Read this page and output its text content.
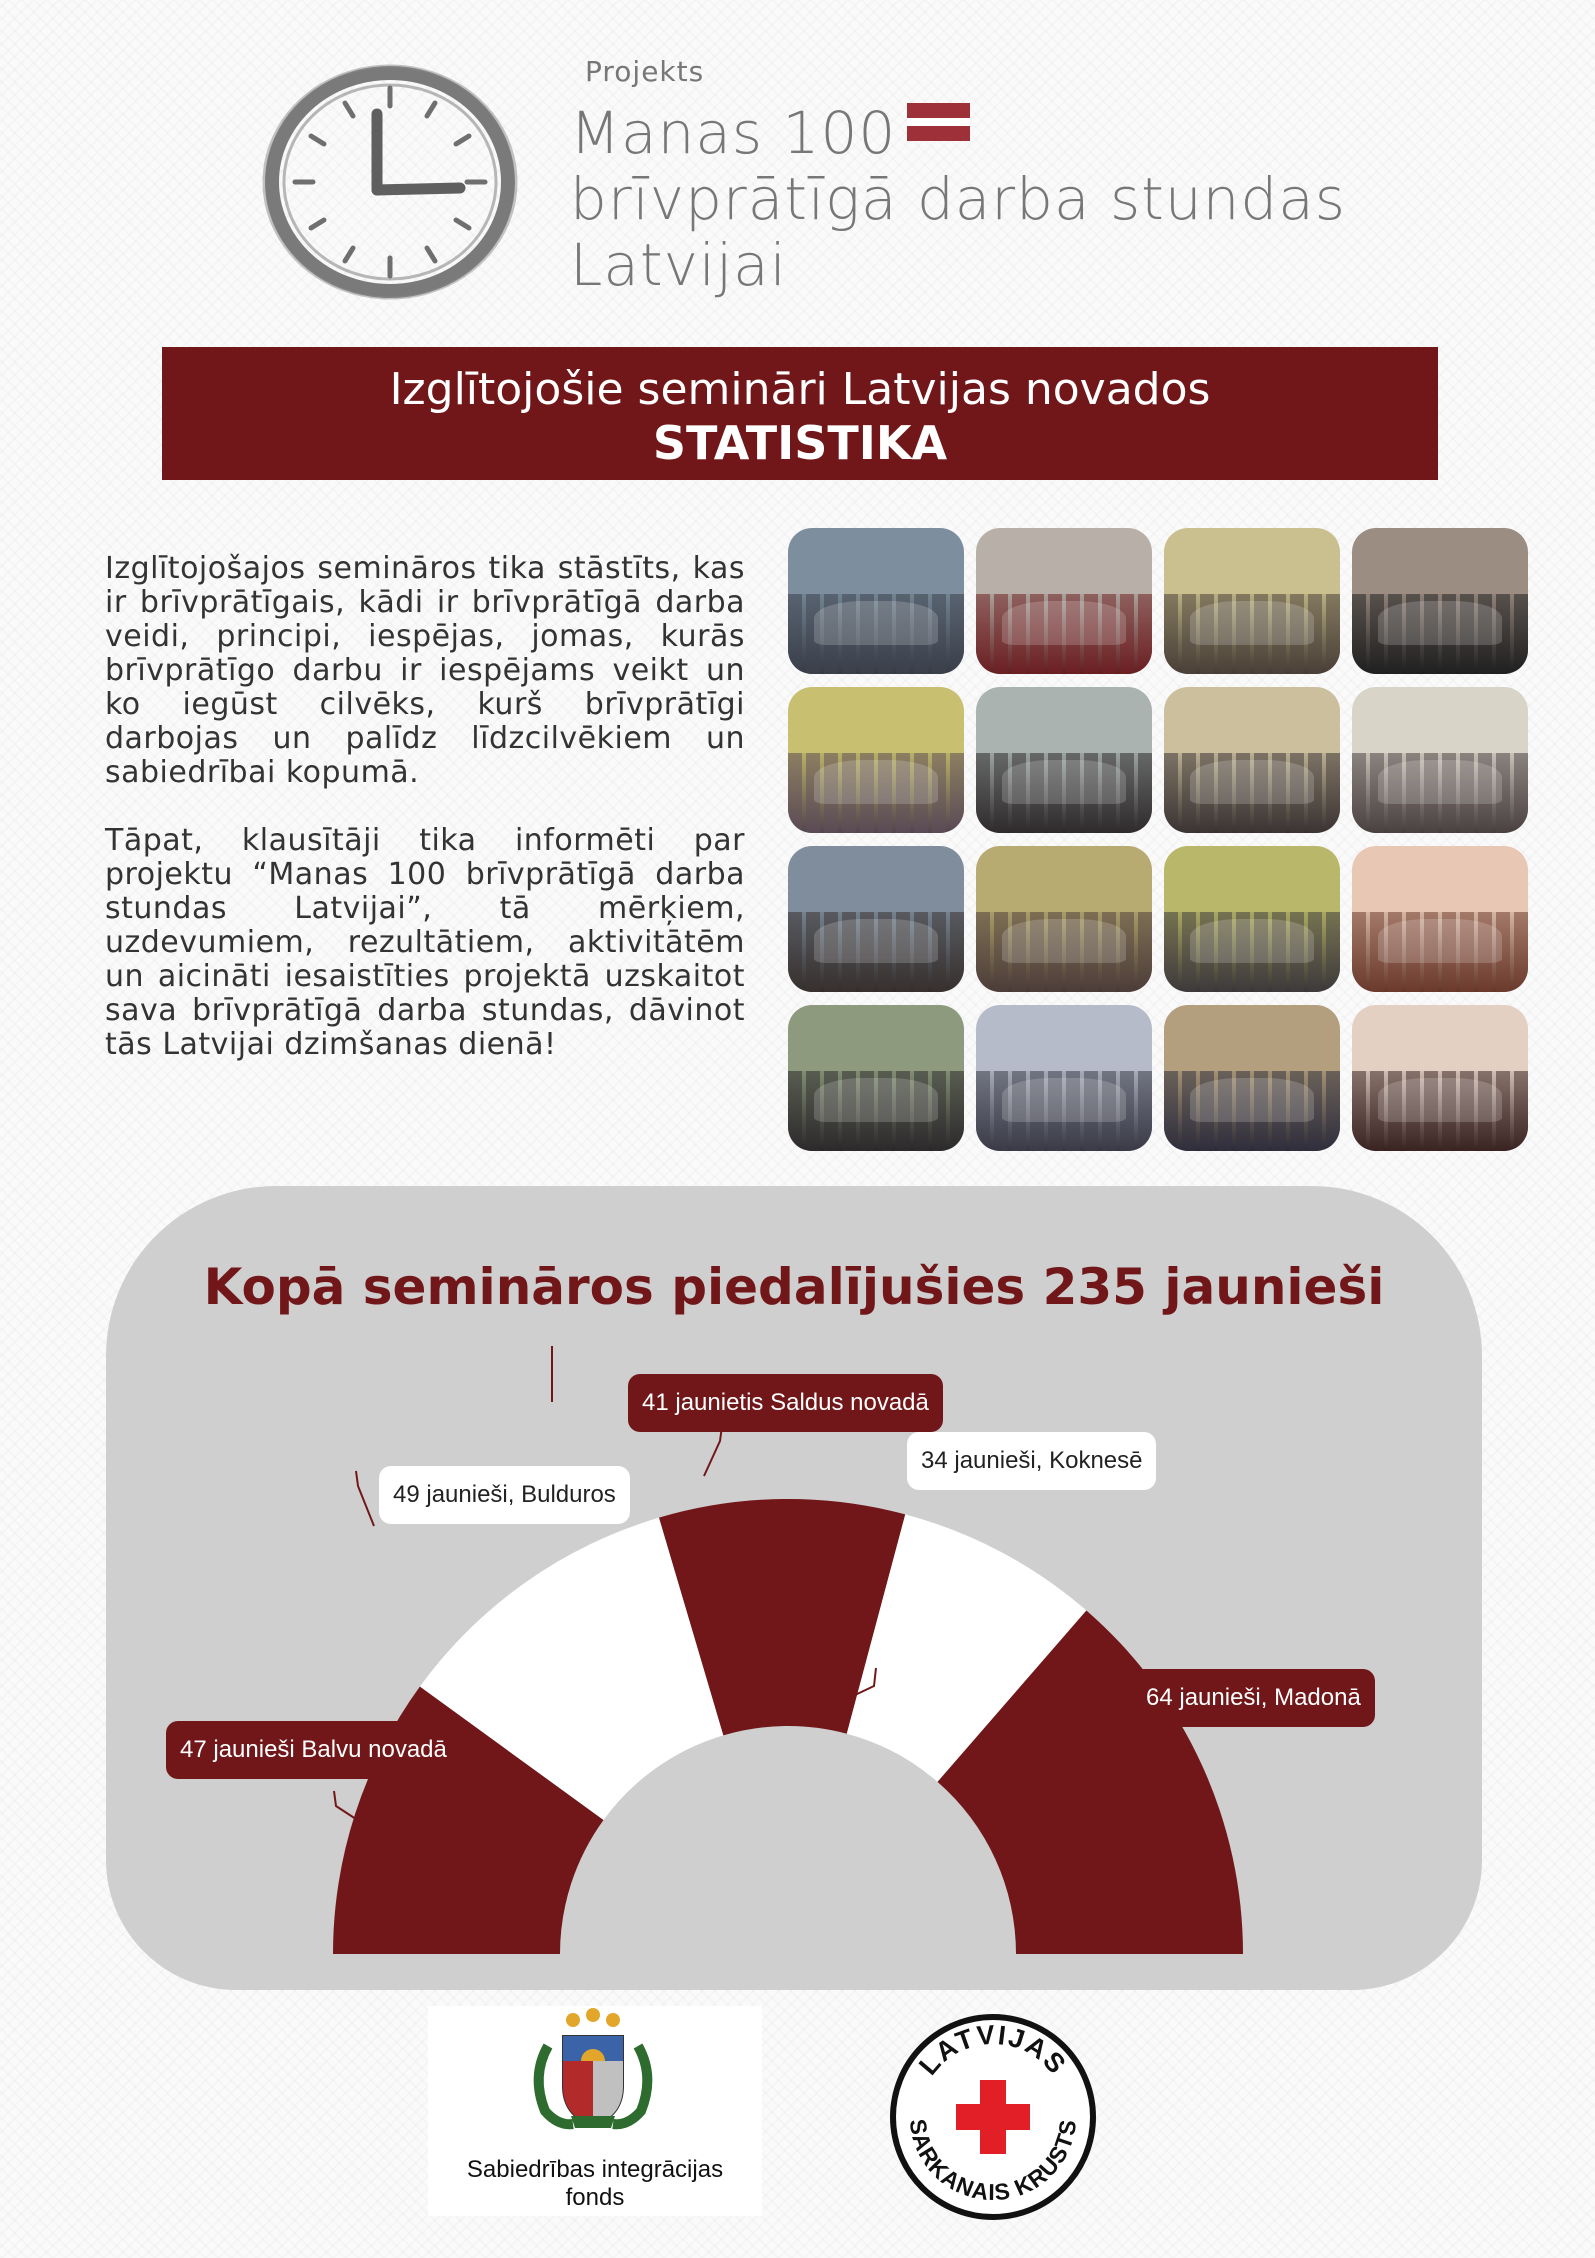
Projekts
Manas 100
brīvprātīgā darba stundas
Latvijai
Izglītojošie semināri Latvijas novados
STATISTIKA
Izglītojošajos semināros tika stāstīts, kas ir brīvprātīgais, kādi ir brīvprātīgā darba veidi, principi, iespējas, jomas, kurās brīvprātīgo darbu ir iespējams veikt un ko iegūst cilvēks, kurš brīvprātīgi darbojas un palīdz līdzcilvēkiem un sabiedrībai kopumā.
Tāpat, klausītāji tika informēti par projektu “Manas 100 brīvprātīgā darba stundas Latvijai”, tā mērķiem, uzdevumiem, rezultātiem, aktivitātēm un aicināti iesaistīties projektā uzskaitot sava brīvprātīgā darba stundas, dāvinot tās Latvijai dzimšanas dienā!
Kopā semināros piedalījušies 235 jaunieši
41 jaunietis Saldus novadā
34 jaunieši, Koknesē
49 jaunieši, Bulduros
64 jaunieši, Madonā
47 jaunieši Balvu novadā
Sabiedrības integrācijas
fonds
LATVIJAS
SARKANAIS KRUSTS
